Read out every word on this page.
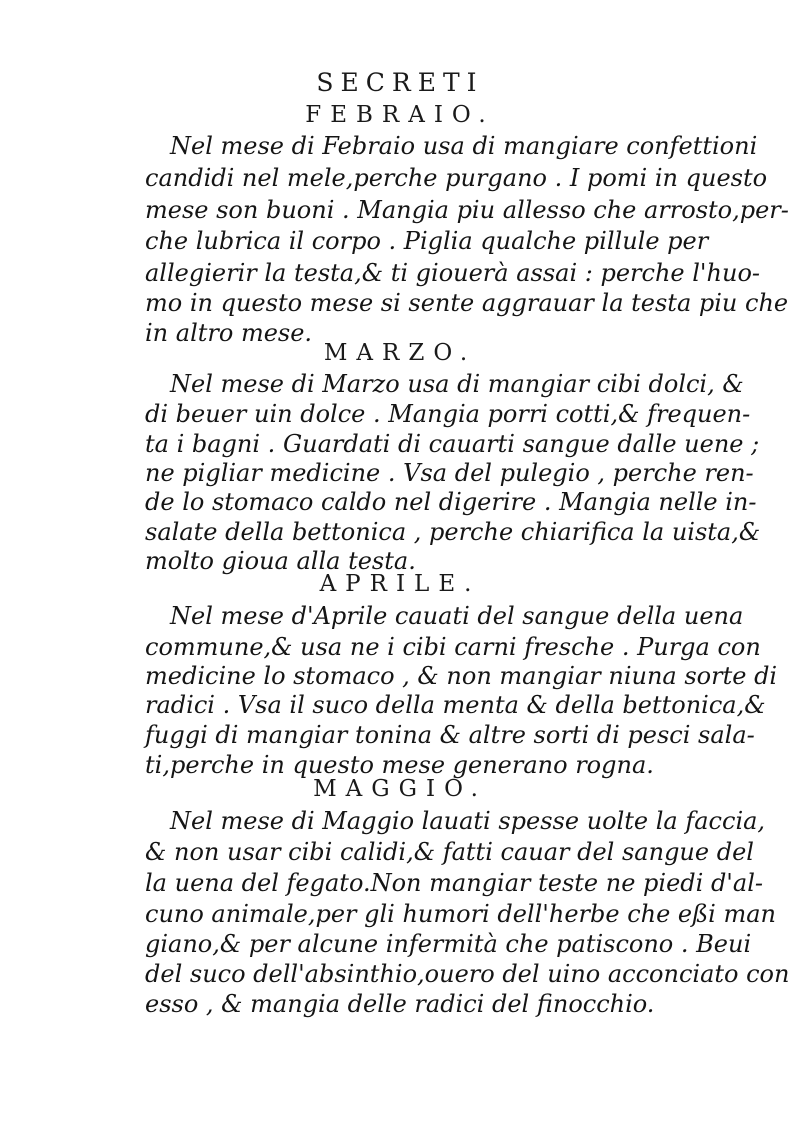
SECRETI
FEBRAIO.
Nel mese di Febraio usa di mangiare confettioni
candidi nel mele,perche purgano . I pomi in questo
mese son buoni . Mangia piu allesso che arrosto,per-
che lubrica il corpo . Piglia qualche pillule per
allegierir la testa,& ti giouerà assai : perche l'huo-
mo in questo mese si sente aggrauar la testa piu che
in altro mese.
MARZO.
Nel mese di Marzo usa di mangiar cibi dolci, &
di beuer uin dolce . Mangia porri cotti,& frequen-
ta i bagni . Guardati di cauarti sangue dalle uene ;
ne pigliar medicine . Vsa del pulegio , perche ren-
de lo stomaco caldo nel digerire . Mangia nelle in-
salate della bettonica , perche chiarifica la uista,&
molto gioua alla testa.
APRILE.
Nel mese d'Aprile cauati del sangue della uena
commune,& usa ne i cibi carni fresche . Purga con
medicine lo stomaco , & non mangiar niuna sorte di
radici . Vsa il suco della menta & della bettonica,&
fuggi di mangiar tonina & altre sorti di pesci sala-
ti,perche in questo mese generano rogna.
MAGGIO.
Nel mese di Maggio lauati spesse uolte la faccia,
& non usar cibi calidi,& fatti cauar del sangue del
la uena del fegato.Non mangiar teste ne piedi d'al-
cuno animale,per gli humori dell'herbe che eßi man
giano,& per alcune infermità che patiscono . Beui
del suco dell'absinthio,ouero del uino acconciato con
esso , & mangia delle radici del finocchio.
